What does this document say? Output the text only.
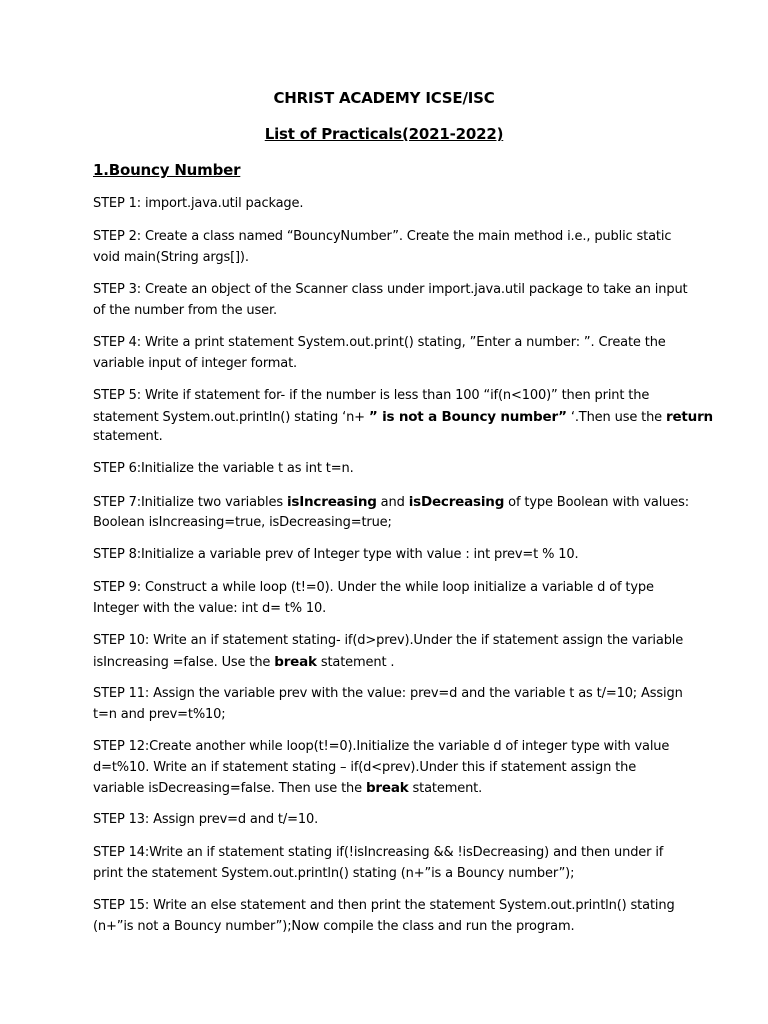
CHRIST ACADEMY ICSE/ISC
List of Practicals(2021-2022)
1.Bouncy Number
STEP 1: import.java.util package.
STEP 2: Create a class named “BouncyNumber”. Create the main method i.e., public static
void main(String args[]).
STEP 3: Create an object of the Scanner class under import.java.util package to take an input
of the number from the user.
STEP 4: Write a print statement System.out.print() stating, ”Enter a number: ”. Create the
variable input of integer format.
STEP 5: Write if statement for- if the number is less than 100 “if(n<100)” then print the
statement System.out.println() stating ‘n+ ” is not a Bouncy number” ‘.Then use the return
statement.
STEP 6:Initialize the variable t as int t=n.
STEP 7:Initialize two variables isIncreasing and isDecreasing of type Boolean with values:
Boolean isIncreasing=true, isDecreasing=true;
STEP 8:Initialize a variable prev of Integer type with value : int prev=t % 10.
STEP 9: Construct a while loop (t!=0). Under the while loop initialize a variable d of type
Integer with the value: int d= t% 10.
STEP 10: Write an if statement stating- if(d>prev).Under the if statement assign the variable
isIncreasing =false. Use the break statement .
STEP 11: Assign the variable prev with the value: prev=d and the variable t as t/=10; Assign
t=n and prev=t%10;
STEP 12:Create another while loop(t!=0).Initialize the variable d of integer type with value
d=t%10. Write an if statement stating – if(d<prev).Under this if statement assign the
variable isDecreasing=false. Then use the break statement.
STEP 13: Assign prev=d and t/=10.
STEP 14:Write an if statement stating if(!isIncreasing && !isDecreasing) and then under if
print the statement System.out.println() stating (n+”is a Bouncy number”);
STEP 15: Write an else statement and then print the statement System.out.println() stating
(n+”is not a Bouncy number”);Now compile the class and run the program.
